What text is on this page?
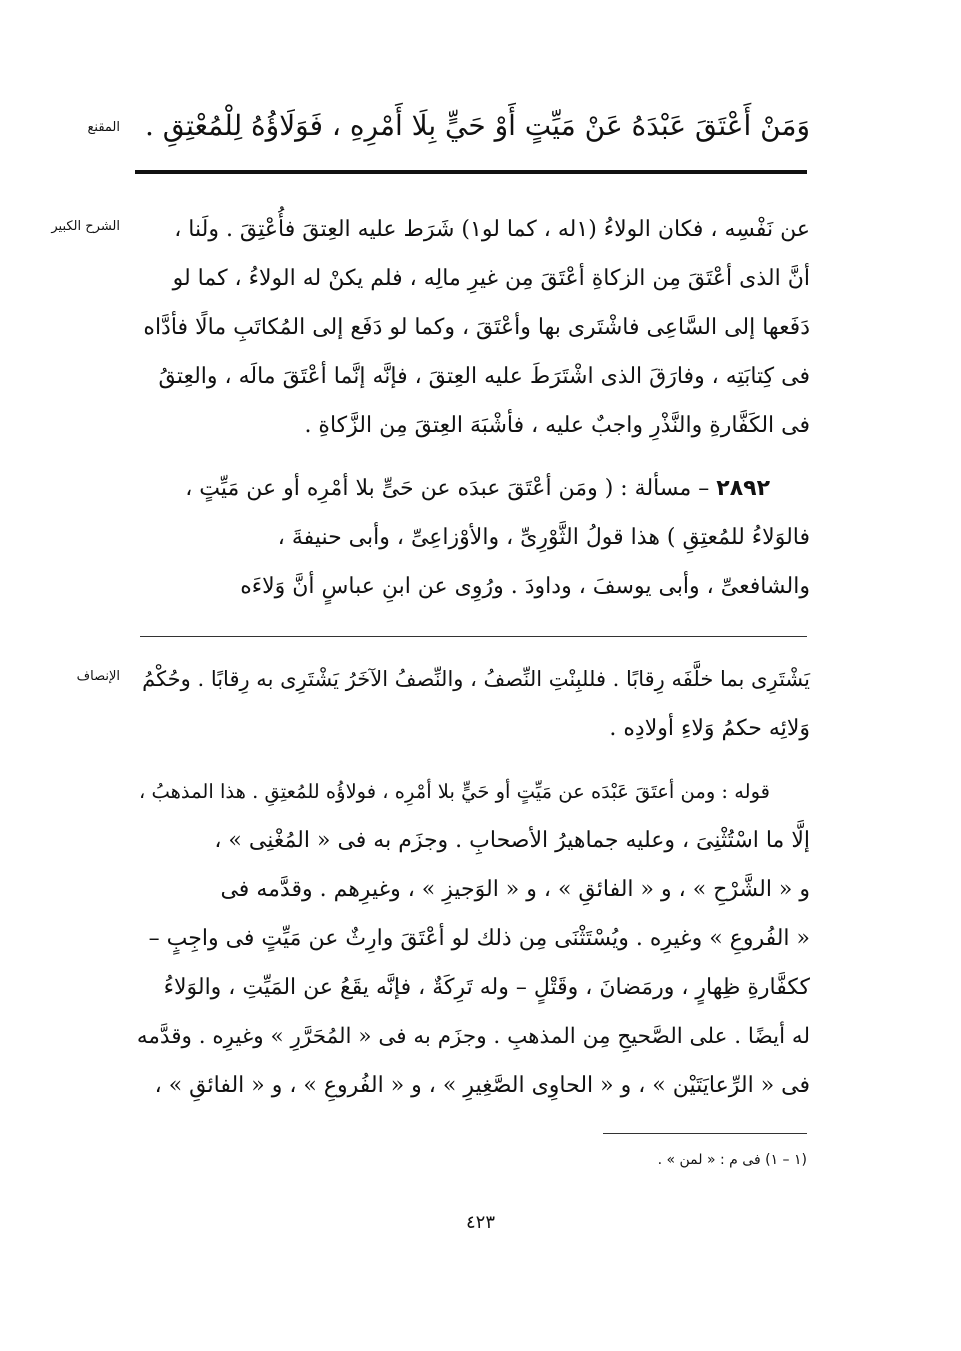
المقنع وَمَنْ أَعْتَقَ عَبْدَهُ عَنْ مَيِّتٍ أَوْ حَيٍّ بِلَا أَمْرِهِ ، فَوَلَاؤُهُ لِلْمُعْتِقِ .
الشرح الكبير	عن نَفْسِه ، فكان الولاءُ (١له ، كما لو١) شَرَط عليه العِتقَ فأُعْتِقَ . ولَنا ،
أنَّ الذى أعْتَقَ مِن الزكاةِ أعْتَقَ مِن غيرِ مالِه ، فلم يكنْ له الولاءُ ، كما لو
دَفَعها إلى السَّاعِى فاشْتَرى بها وأعْتَقَ ، وكما لو دَفَع إلى المُكاتَبِ مالًا فأدَّاه
فى كِتابَتِه ، وفارَقَ الذى اشْتَرَطَ عليه العِتقَ ، فإنَّه إنَّما أعْتَقَ مالَه ، والعِتقُ
فى الكَفَّارةِ والنَّذْرِ واجبٌ عليه ، فأشْبَهَ العِتقَ مِن الزَّكاةِ .
٢٨٩٢ – مسألة : ( ومَن أعْتَقَ عبدَه عن حَىٍّ بلا أمْرِه أو عن مَيِّتٍ ،
فالوَلاءُ للمُعتِقِ ) هذا قولُ الثَّوْرِىِّ ، والأوْزاعِىِّ ، وأبى حنيفةَ ،
والشافعىِّ ، وأبى يوسفَ ، وداودَ . ورُوِى عن ابنِ عباسٍ أنَّ وَلاءَه
الإنصاف	يَشْتَرِى بما خلَّفَه رِقابًا . فللبِنْتِ النِّصفُ ، والنِّصفُ الآخَرُ يَشْتَرِى به رِقابًا . وحُكْمُ
وَلائِه حكمُ وَلاءِ أولادِه .
قوله : ومن أعتَقَ عَبْدَه عن مَيِّتٍ أو حَيٍّ بلا أمْرِه ، فولاؤُه للمُعتِقِ . هذا المذهبُ ،
إلَّا ما اسْتُثْنِىَ ، وعليه جماهيرُ الأصحابِ . وجزَم به فى « المُغْنِى » ،
و « الشَّرْحِ » ، و « الفائقِ » ، و « الوَجيزِ » ، وغيرِهم . وقدَّمه فى
« الفُروعِ » وغيرِه . ويُسْتَثْنَى مِن ذلك لو أعْتَقَ وارِثٌ عن مَيِّتٍ فى واجِبٍ –
ككفَّارةِ ظِهارٍ ، ورمَضانَ ، وقَتْلٍ – وله تَرِكَةٌ ، فإنَّه يقَعُ عن المَيِّتِ ، والوَلاءُ
له أيضًا . على الصَّحيحِ مِن المذهبِ . وجزَم به فى « المُحَرَّرِ » وغيرِه . وقدَّمه
فى « الرِّعايَتَيْن » ، و « الحاوِى الصَّغِيرِ » ، و « الفُروعِ » ، و « الفائقِ » ،
(١ – ١) فى م : « لمن » .
٤٢٣
